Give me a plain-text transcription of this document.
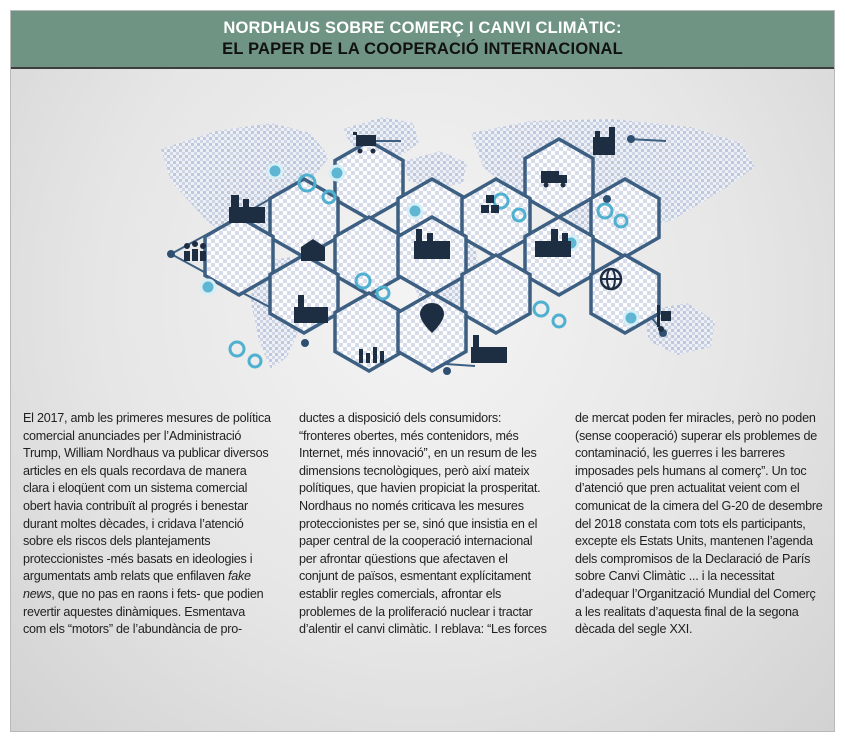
NORDHAUS SOBRE COMERÇ I CANVI CLIMÀTIC:
EL PAPER DE LA COOPERACIÓ INTERNACIONAL

El 2017, amb les primeres mesures de política comercial anunciades per l’Administració Trump, William Nordhaus va publicar diversos articles en els quals recordava de manera clara i eloqüent com un sistema comercial obert havia contribuït al progrés i benestar durant moltes dècades, i cridava l’atenció sobre els riscos dels plantejaments proteccionistes -més basats en ideologies i argumentats amb relats que enfilaven fake news, que no pas en raons i fets- que podien revertir aquestes dinàmiques. Esmentava com els “motors” de l’abundància de pro-

ductes a disposició dels consumidors: “fronteres obertes, més contenidors, més Internet, més innovació”, en un resum de les dimensions tecnològiques, però així mateix polítiques, que havien propiciat la prosperitat. Nordhaus no només criticava les mesures proteccionistes per se, sinó que insistia en el paper central de la cooperació internacional per afrontar qüestions que afectaven el conjunt de països, esmentant explícitament establir regles comercials, afrontar els problemes de la proliferació nuclear i tractar d’alentir el canvi climàtic. I reblava: “Les forces

de mercat poden fer miracles, però no poden (sense cooperació) superar els problemes de contaminació, les guerres i les barreres imposades pels humans al comerç”. Un toc d’atenció que pren actualitat veient com el comunicat de la cimera del G-20 de desembre del 2018 constata com tots els participants, excepte els Estats Units, mantenen l’agenda dels compromisos de la Declaració de París sobre Canvi Climàtic ... i la necessitat d’adequar l’Organització Mundial del Comerç a les realitats d’aquesta final de la segona dècada del segle XXI.
